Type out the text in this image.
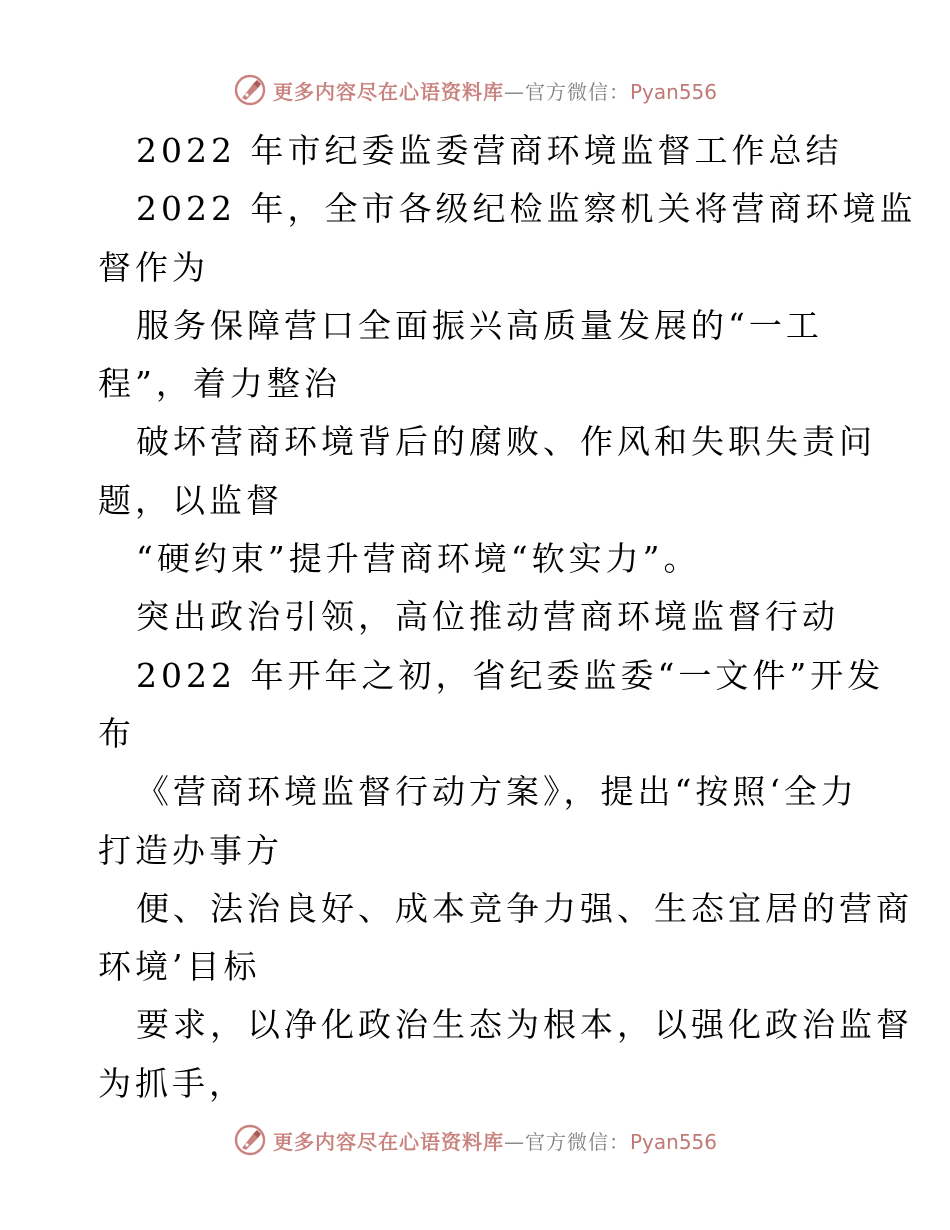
更多内容尽在心语资料库—官方微信：Pyan556
2022 年市纪委监委营商环境监督工作总结
2022 年，全市各级纪检监察机关将营商环境监
督作为
服务保障营口全面振兴高质量发展的“一工
程”，着力整治
破坏营商环境背后的腐败、作风和失职失责问
题，以监督
“硬约束”提升营商环境“软实力”。
突出政治引领，高位推动营商环境监督行动
2022 年开年之初，省纪委监委“一文件”开发
布
《营商环境监督行动方案》，提出“按照‘全力
打造办事方
便、法治良好、成本竞争力强、生态宜居的营商
环境’目标
要求，以净化政治生态为根本，以强化政治监督
为抓手，
更多内容尽在心语资料库—官方微信：Pyan556
